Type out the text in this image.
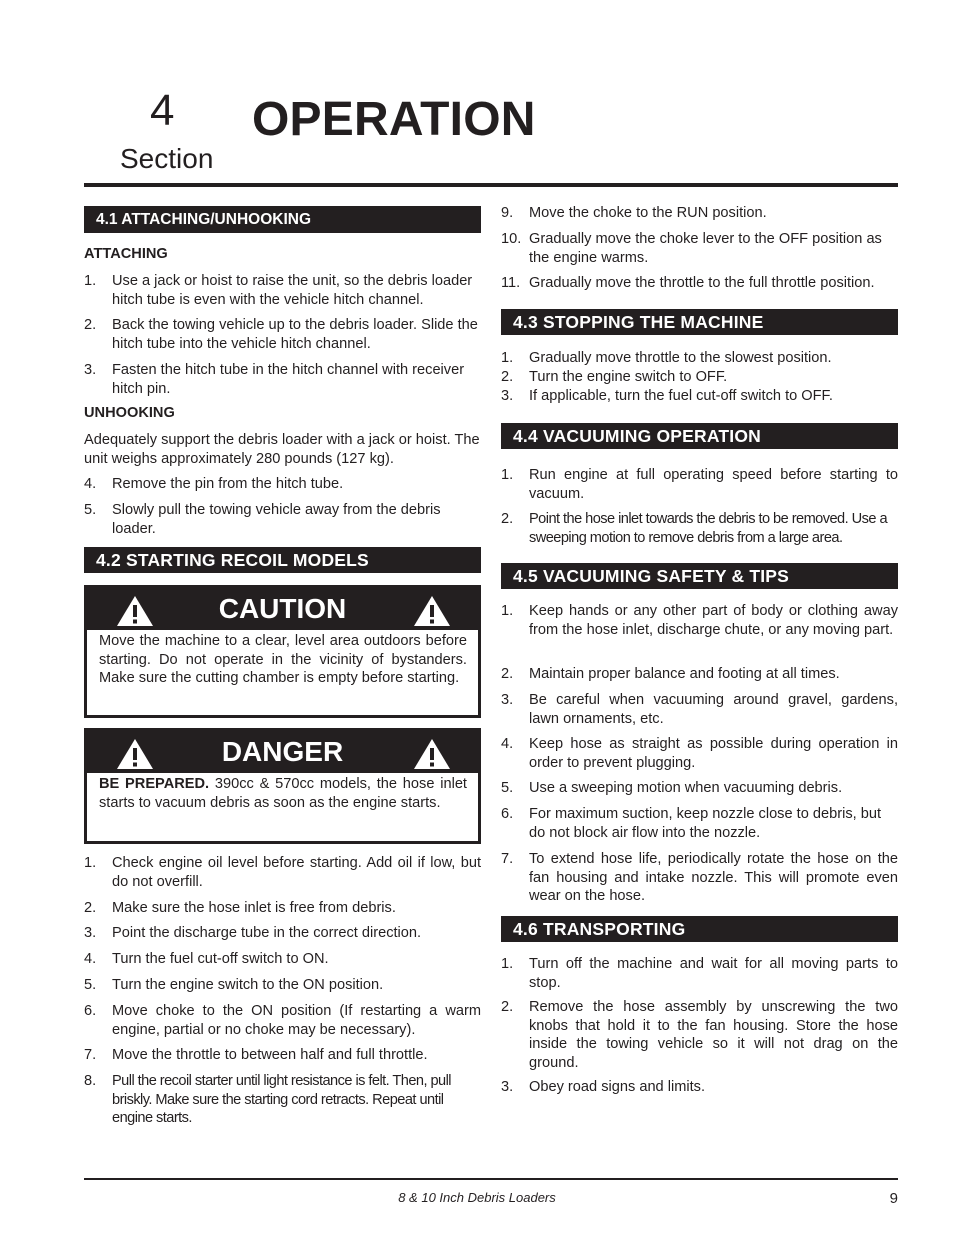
4
Section
OPERATION
4.1 ATTACHING/UNHOOKING
ATTACHING
1. Use a jack or hoist to raise the unit, so the debris loader hitch tube is even with the vehicle hitch channel.
2. Back the towing vehicle up to the debris loader. Slide the hitch tube into the vehicle hitch channel.
3. Fasten the hitch tube in the hitch channel with receiver hitch pin.
UNHOOKING
Adequately support the debris loader with a jack or hoist. The unit weighs approximately 280 pounds (127 kg).
4. Remove the pin from the hitch tube.
5. Slowly pull the towing vehicle away from the debris loader.
4.2 STARTING RECOIL MODELS
CAUTION
Move the machine to a clear, level area outdoors before starting. Do not operate in the vicinity of bystanders. Make sure the cutting chamber is empty before starting.
DANGER
BE PREPARED. 390cc & 570cc models, the hose inlet starts to vacuum debris as soon as the engine starts.
1. Check engine oil level before starting. Add oil if low, but do not overfill.
2. Make sure the hose inlet is free from debris.
3. Point the discharge tube in the correct direction.
4. Turn the fuel cut-off switch to ON.
5. Turn the engine switch to the ON position.
6. Move choke to the ON position (If restarting a warm engine, partial or no choke may be necessary).
7. Move the throttle to between half and full throttle.
8. Pull the recoil starter until light resistance is felt. Then, pull briskly. Make sure the starting cord retracts. Repeat until engine starts.
9. Move the choke to the RUN position.
10. Gradually move the choke lever to the OFF position as the engine warms.
11. Gradually move the throttle to the full throttle position.
4.3 STOPPING THE MACHINE
1. Gradually move throttle to the slowest position.
2. Turn the engine switch to OFF.
3. If applicable, turn the fuel cut-off switch to OFF.
4.4 VACUUMING OPERATION
1. Run engine at full operating speed before starting to vacuum.
2. Point the hose inlet towards the debris to be removed. Use a sweeping motion to remove debris from a large area.
4.5 VACUUMING SAFETY & TIPS
1. Keep hands or any other part of body or clothing away from the hose inlet, discharge chute, or any moving part.
2. Maintain proper balance and footing at all times.
3. Be careful when vacuuming around gravel, gardens, lawn ornaments, etc.
4. Keep hose as straight as possible during operation in order to prevent plugging.
5. Use a sweeping motion when vacuuming debris.
6. For maximum suction, keep nozzle close to debris, but do not block air flow into the nozzle.
7. To extend hose life, periodically rotate the hose on the fan housing and intake nozzle. This will promote even wear on the hose.
4.6 TRANSPORTING
1. Turn off the machine and wait for all moving parts to stop.
2. Remove the hose assembly by unscrewing the two knobs that hold it to the fan housing. Store the hose inside the towing vehicle so it will not drag on the ground.
3. Obey road signs and limits.
8 & 10 Inch Debris Loaders	9
